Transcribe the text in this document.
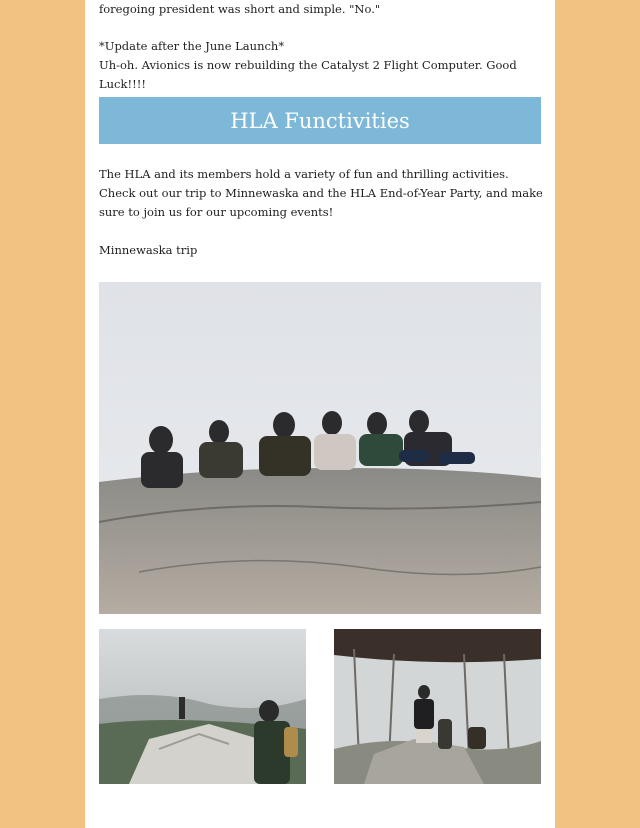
foregoing president was short and simple. "No."
*Update after the June Launch*
Uh-oh. Avionics is now rebuilding the Catalyst 2 Flight Computer. Good Luck!!!!
HLA Functivities
The HLA and its members hold a variety of fun and thrilling activities. Check out our trip to Minnewaska and the HLA End-of-Year Party, and make sure to join us for our upcoming events!
Minnewaska trip
